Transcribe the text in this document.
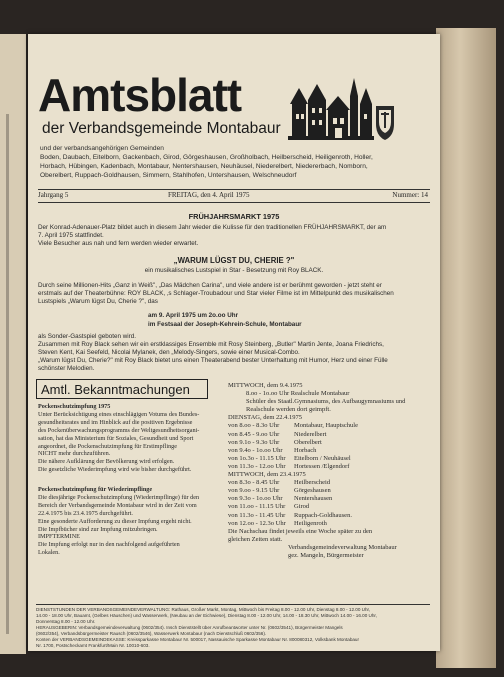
Amtsblatt
der Verbandsgemeinde Montabaur

und der verbandsangehörigen Gemeinden

Boden, Daubach, Eitelborn, Gackenbach, Girod, Görgeshausen, Großholbach, Heilberscheid, Heiligenroth, Holler,

Horbach, Hübingen, Kadenbach, Montabaur, Nentershausen, Neuhäusel, Niederelbert, Niedererbach, Nomborn,

Oberelbert, Ruppach-Goldhausen, Simmern, Stahlhofen, Untershausen, Welschneudorf

Jahrgang 5	FREITAG, den 4. April 1975	Nummer: 14
FRÜHJAHRSMARKT 1975

Der Konrad-Adenauer-Platz bildet auch in diesem Jahr wieder die Kulisse für den traditionellen FRÜHJAHRSMARKT, der am

7. April 1975 stattfindet.

Viele Besucher aus nah und fern werden wieder erwartet.

„WARUM LÜGST DU, CHERIE ?"
ein musikalisches Lustspiel in Star - Besetzung mit Roy BLACK.

Durch seine Millionen-Hits „Ganz in Weiß", „Das Mädchen Carina", und viele andere ist er berühmt geworden - jetzt steht er

erstmals auf der Theaterbühne: ROY BLACK, ‚s Schlager-Troubadour und Star vieler Filme ist im Mittelpunkt des musikalischen

Lustspiels „Warum lügst Du, Cherie ?", das

am 9. April 1975 um 2o.oo Uhr
im Festsaal der Joseph-Kehrein-Schule, Montabaur

als Sonder-Gastspiel geboten wird.

Zusammen mit Roy Black sehen wir ein erstklassiges Ensemble mit Rosy Steinberg, „Butler" Martin Jente, Joana Friedrichs,

Steven Kent, Kai Seefeld, Nicolai Mylanek, den „Melody-Singers, sowie einer Musical-Combo.

„Warum lügst Du, Cherie?" mit Roy Black bietet uns einen Theaterabend bester Unterhaltung mit Humor, Herz und einer Fülle

schönster Melodien.

Amtl. Bekanntmachungen

Pockenschutzimpfung 1975

Unter Berücksichtigung eines einschlägigen Votums des Bundes-

gesundheitsrates und im Hinblick auf die positiven Ergebnisse

des Pockenüberwachungsprogramms der Weltgesundheitsorgani-

sation, hat das Ministerium für Soziales, Gesundheit und Sport

angeordnet, die Pockenschutzimpfung für Erstimpflinge

NICHT mehr durchzuführen.

Die nähere Aufklärung der Bevölkerung wird erfolgen.

Die gesetzliche Wiederimpfung wird wie bisher durchgeführt.

Pockenschutzimpfung für Wiederimpflinge

Die diesjährige Pockenschutzimpfung (Wiederimpflinge) für den

Bereich der Verbandsgemeinde Montabaur wird in der Zeit vom

22.4.1975 bis 23.4.1975 durchgeführt.

Eine gesonderte Aufforderung zu dieser Impfung ergeht nicht.

Die Impfbücher sind zur Impfung mitzubringen.

IMPFTERMINE

Die Impfung erfolgt nur in den nachfolgend aufgeführten

Lokalen.

MITTWOCH, dem 9.4.1975

8.oo - 1o.oo Uhr Realschule Montabaur

Schüler des Staatl.Gymnasiums, des Aufbaugymnasiums und

Realschule werden dort geimpft.

DIENSTAG, dem 22.4.1975

von 8.oo - 8.3o Uhr	Montabaur, Hauptschule
von 8.45 - 9.oo Uhr	Niederelbert
von 9.1o - 9.3o Uhr	Oberelbert
von 9.4o - 1o.oo Uhr	Horbach
von 1o.3o - 11.15 Uhr	Eitelborn / Neuhäusel
von 11.3o - 12.oo Uhr	Hortessen /Elgendorf

MITTWOCH, dem 23.4.1975

von 8.3o - 8.45 Uhr	Heilberscheid
von 9.oo - 9.15 Uhr	Görgeshausen
von 9.3o - 1o.oo Uhr	Nentershausen
von 11.oo - 11.15 Uhr	Girod
von 11.3o - 11.45 Uhr	Ruppach-Goldhausen.
von 12.oo - 12.3o Uhr	Heiligenroth

Die Nachschau findet jeweils eine Woche später zu den

gleichen Zeiten statt.

Verbandsgemeindeverwaltung Montabaur

gez. Mangeln, Bürgermeister

DIENSTSTUNDEN DER VERBANDSGEMEINDEVERWALTUNG: Rathaus, Großer Markt, Montag, Mittwoch bis Freitag 8.00 - 12.00 Uhr, Dienstag 8.00 - 12.00 Uhr,

14.00 - 18.00 Uhr, Bauamt, (Gelbes Häuschen) und Wasserwerk, (Neubau an der Eichwiese), Dienstag 8.00 - 12.00 Uhr, 14.00 - 18.30 Uhr, Mittwoch 14.00 - 16.00 Uhr,

Donnerstag 8.00 - 12.00 Uhr.

HERAUSGEBERIN: Verbandsgemeindeverwaltung (0602/354). Insch Dienststellt über Anrufbeantworter unter Nr. (0602/3541), Bürgermeister Mangels

(0602/354), Verbandsbürgermeister Rausch (0602/3546), Wasserwerk Montabaur (nach Dienstschluß 0602/356).

Konten der VERBANDSGEMEINDEKASSE: Kreissparkasse Montabaur Nr. 500017, Nassauische Sparkasse Montabaur Nr. 800080312, Volksbank Montabaur

Nr. 1700, Postscheckamt Frankfurt/Main Nr. 10010-603.
